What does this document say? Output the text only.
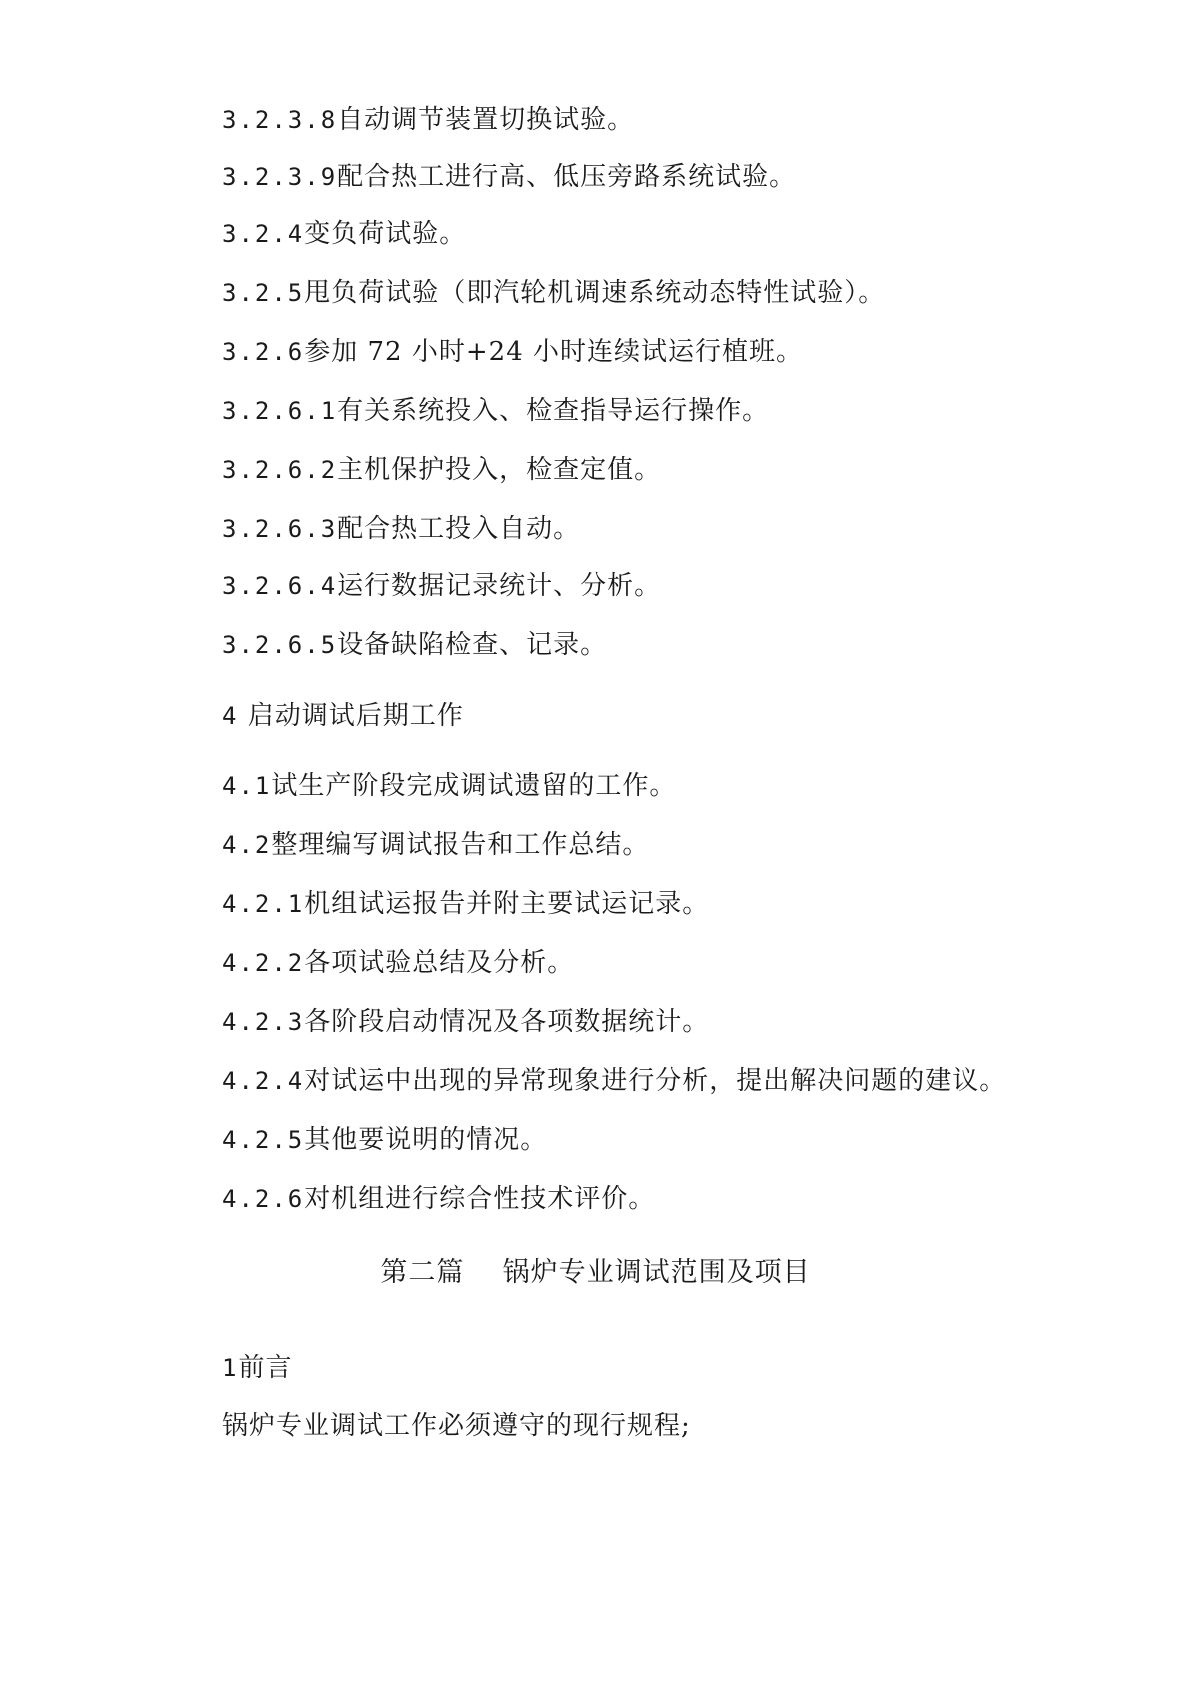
3.2.3.8自动调节装置切换试验。
3.2.3.9配合热工进行高、低压旁路系统试验。
3.2.4变负荷试验。
3.2.5甩负荷试验（即汽轮机调速系统动态特性试验）。
3.2.6参加 72 小时+24 小时连续试运行植班。
3.2.6.1有关系统投入、检查指导运行操作。
3.2.6.2主机保护投入，检查定值。
3.2.6.3配合热工投入自动。
3.2.6.4运行数据记录统计、分析。
3.2.6.5设备缺陷检查、记录。
4 启动调试后期工作
4.1试生产阶段完成调试遗留的工作。
4.2整理编写调试报告和工作总结。
4.2.1机组试运报告并附主要试运记录。
4.2.2各项试验总结及分析。
4.2.3各阶段启动情况及各项数据统计。
4.2.4对试运中出现的异常现象进行分析，提出解决问题的建议。
4.2.5其他要说明的情况。
4.2.6对机组进行综合性技术评价。
第二篇    锅炉专业调试范围及项目
1前言
锅炉专业调试工作必须遵守的现行规程;
